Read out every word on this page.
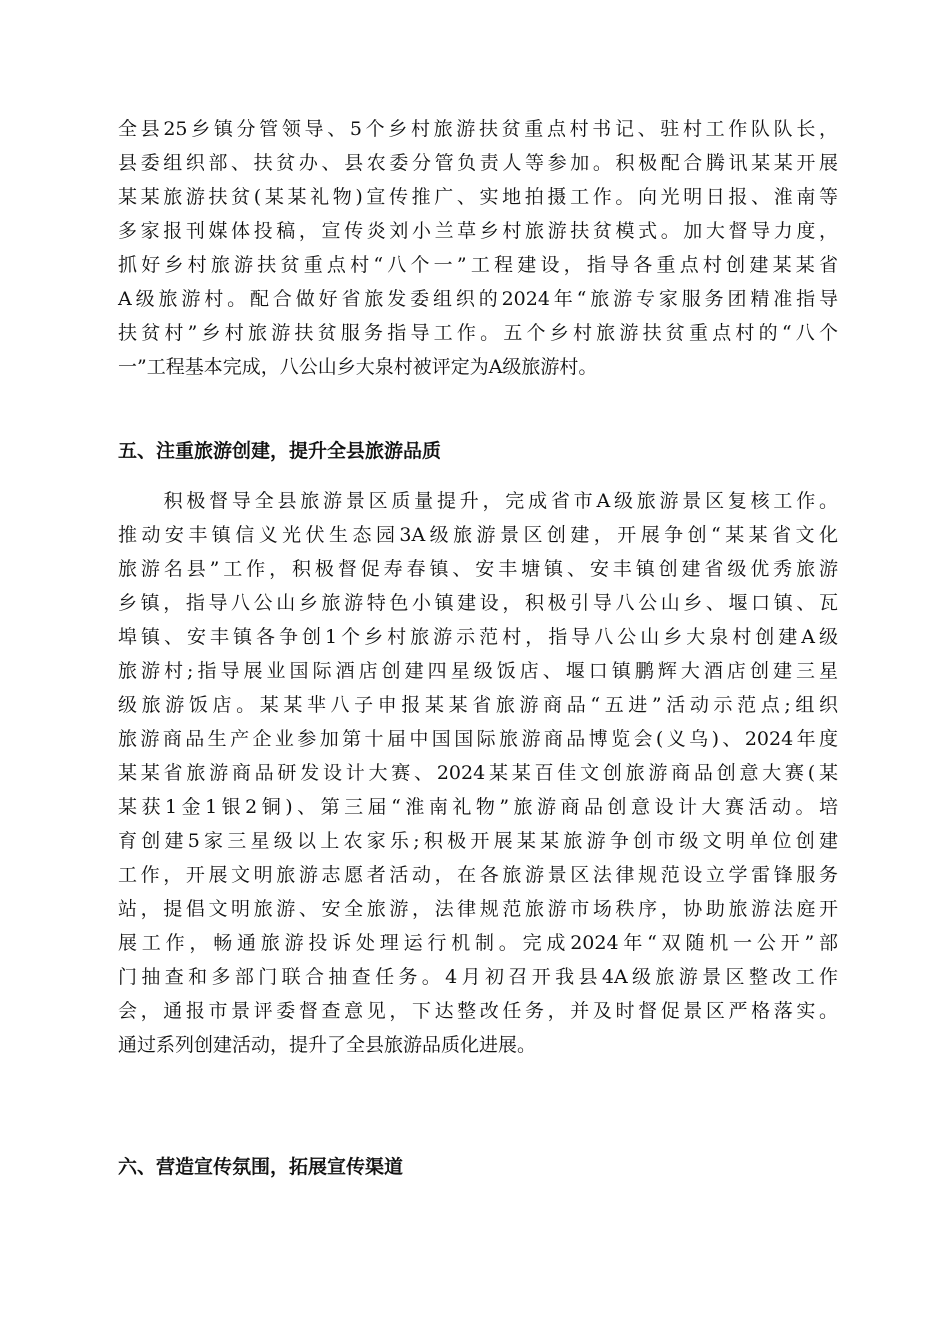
全县25乡镇分管领导、5个乡村旅游扶贫重点村书记、驻村工作队队长，
县委组织部、扶贫办、县农委分管负责人等参加。积极配合腾讯某某开展
某某旅游扶贫(某某礼物)宣传推广、实地拍摄工作。向光明日报、淮南等
多家报刊媒体投稿，宣传炎刘小兰草乡村旅游扶贫模式。加大督导力度，
抓好乡村旅游扶贫重点村“八个一”工程建设，指导各重点村创建某某省
A级旅游村。配合做好省旅发委组织的2024年“旅游专家服务团精准指导
扶贫村”乡村旅游扶贫服务指导工作。五个乡村旅游扶贫重点村的“八个
一”工程基本完成，八公山乡大泉村被评定为A级旅游村。
五、注重旅游创建，提升全县旅游品质
　　积极督导全县旅游景区质量提升，完成省市A级旅游景区复核工作。
推动安丰镇信义光伏生态园3A级旅游景区创建，开展争创“某某省文化
旅游名县”工作，积极督促寿春镇、安丰塘镇、安丰镇创建省级优秀旅游
乡镇，指导八公山乡旅游特色小镇建设，积极引导八公山乡、堰口镇、瓦
埠镇、安丰镇各争创1个乡村旅游示范村，指导八公山乡大泉村创建A级
旅游村;指导展业国际酒店创建四星级饭店、堰口镇鹏辉大酒店创建三星
级旅游饭店。某某芈八子申报某某省旅游商品“五进”活动示范点;组织
旅游商品生产企业参加第十届中国国际旅游商品博览会(义乌)、2024年度
某某省旅游商品研发设计大赛、2024某某百佳文创旅游商品创意大赛(某
某获1金1银2铜)、第三届“淮南礼物”旅游商品创意设计大赛活动。培
育创建5家三星级以上农家乐;积极开展某某旅游争创市级文明单位创建
工作，开展文明旅游志愿者活动，在各旅游景区法律规范设立学雷锋服务
站，提倡文明旅游、安全旅游，法律规范旅游市场秩序，协助旅游法庭开
展工作，畅通旅游投诉处理运行机制。完成2024年“双随机一公开”部
门抽查和多部门联合抽查任务。4月初召开我县4A级旅游景区整改工作
会，通报市景评委督查意见，下达整改任务，并及时督促景区严格落实。
通过系列创建活动，提升了全县旅游品质化进展。
六、营造宣传氛围，拓展宣传渠道
